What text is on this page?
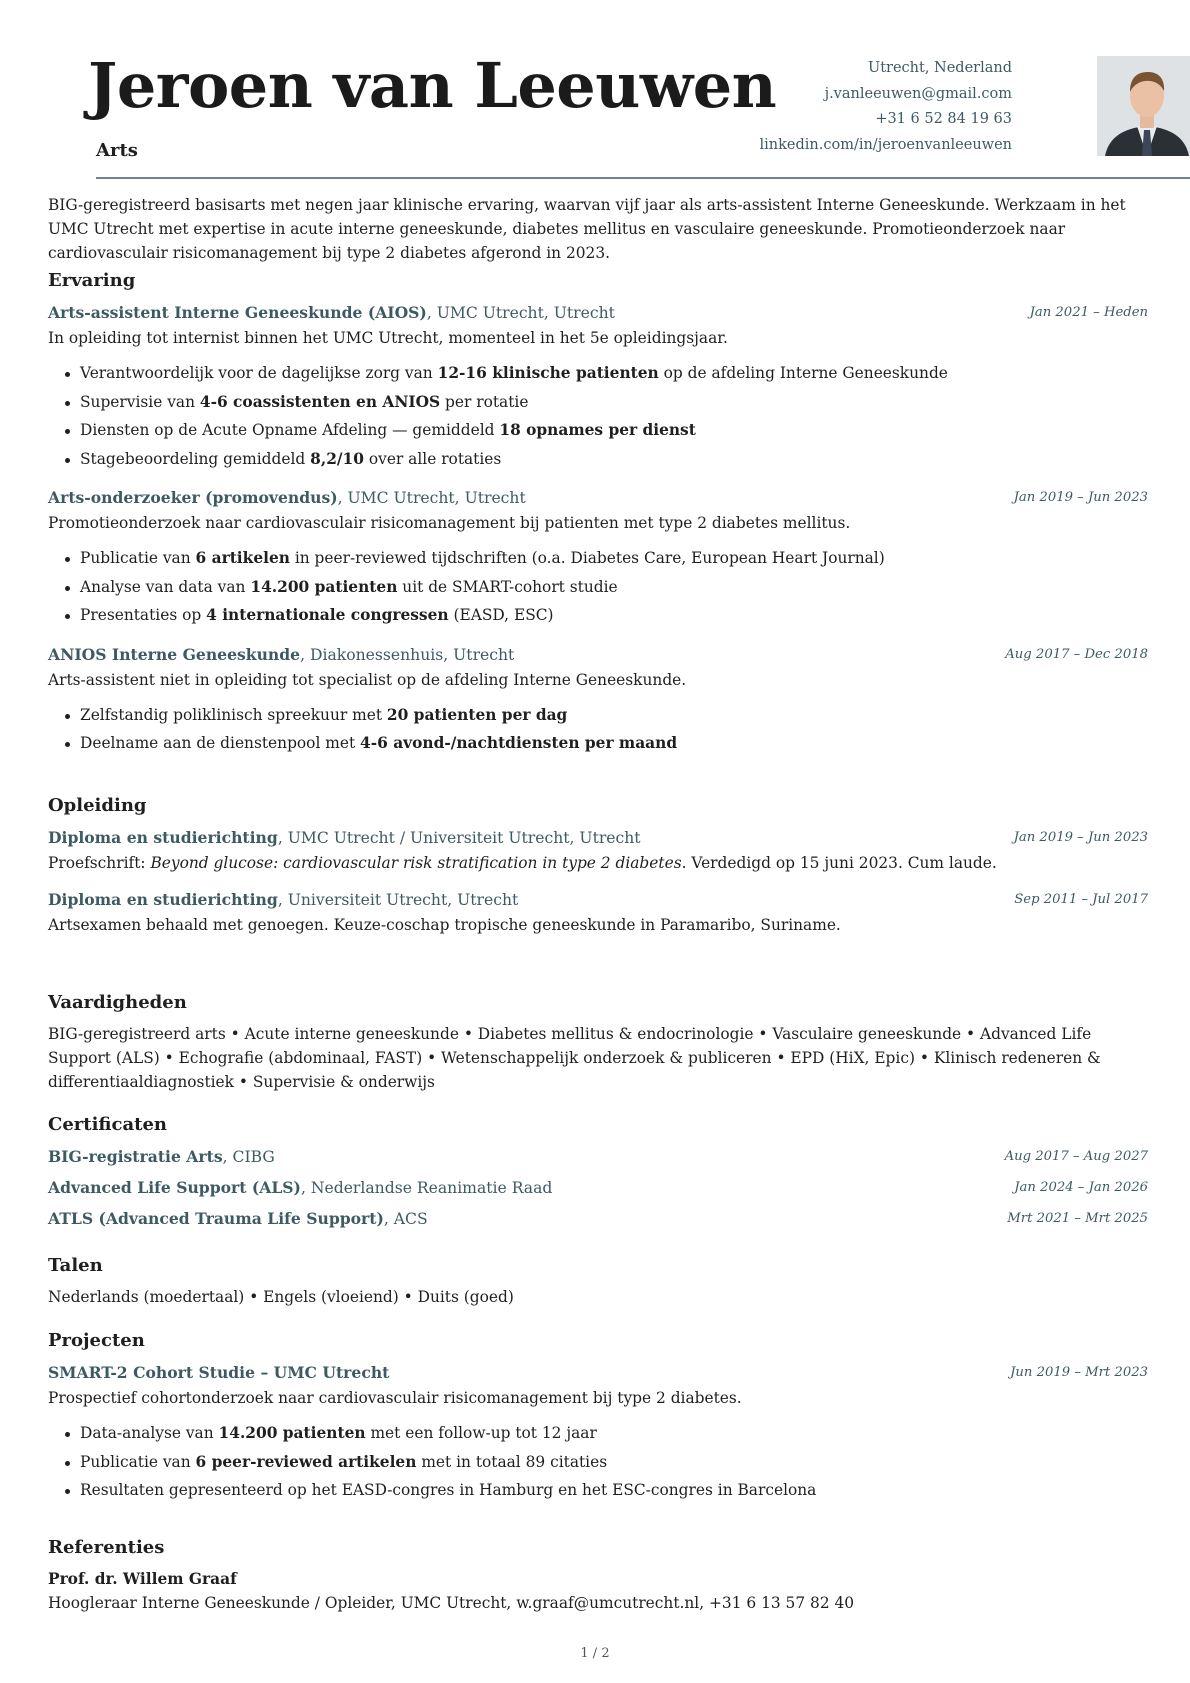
Jeroen van Leeuwen
Arts
Utrecht, Nederland
j.vanleeuwen@gmail.com
+31 6 52 84 19 63
linkedin.com/in/jeroenvanleeuwen
BIG-geregistreerd basisarts met negen jaar klinische ervaring, waarvan vijf jaar als arts-assistent Interne Geneeskunde. Werkzaam in het UMC Utrecht met expertise in acute interne geneeskunde, diabetes mellitus en vasculaire geneeskunde. Promotieonderzoek naar cardiovasculair risicomanagement bij type 2 diabetes afgerond in 2023.
Ervaring
Arts-assistent Interne Geneeskunde (AIOS), UMC Utrecht, Utrecht	Jan 2021 – Heden
In opleiding tot internist binnen het UMC Utrecht, momenteel in het 5e opleidingsjaar.
Verantwoordelijk voor de dagelijkse zorg van 12-16 klinische patienten op de afdeling Interne Geneeskunde
Supervisie van 4-6 coassistenten en ANIOS per rotatie
Diensten op de Acute Opname Afdeling — gemiddeld 18 opnames per dienst
Stagebeoordeling gemiddeld 8,2/10 over alle rotaties
Arts-onderzoeker (promovendus), UMC Utrecht, Utrecht	Jan 2019 – Jun 2023
Promotieonderzoek naar cardiovasculair risicomanagement bij patienten met type 2 diabetes mellitus.
Publicatie van 6 artikelen in peer-reviewed tijdschriften (o.a. Diabetes Care, European Heart Journal)
Analyse van data van 14.200 patienten uit de SMART-cohort studie
Presentaties op 4 internationale congressen (EASD, ESC)
ANIOS Interne Geneeskunde, Diakonessenhuis, Utrecht	Aug 2017 – Dec 2018
Arts-assistent niet in opleiding tot specialist op de afdeling Interne Geneeskunde.
Zelfstandig poliklinisch spreekuur met 20 patienten per dag
Deelname aan de dienstenpool met 4-6 avond-/nachtdiensten per maand
Opleiding
Diploma en studierichting, UMC Utrecht / Universiteit Utrecht, Utrecht	Jan 2019 – Jun 2023
Proefschrift: Beyond glucose: cardiovascular risk stratification in type 2 diabetes. Verdedigd op 15 juni 2023. Cum laude.
Diploma en studierichting, Universiteit Utrecht, Utrecht	Sep 2011 – Jul 2017
Artsexamen behaald met genoegen. Keuze-coschap tropische geneeskunde in Paramaribo, Suriname.
Vaardigheden
BIG-geregistreerd arts • Acute interne geneeskunde • Diabetes mellitus & endocrinologie • Vasculaire geneeskunde • Advanced Life Support (ALS) • Echografie (abdominaal, FAST) • Wetenschappelijk onderzoek & publiceren • EPD (HiX, Epic) • Klinisch redeneren & differentiaaldiagnostiek • Supervisie & onderwijs
Certificaten
BIG-registratie Arts, CIBG	Aug 2017 – Aug 2027
Advanced Life Support (ALS), Nederlandse Reanimatie Raad	Jan 2024 – Jan 2026
ATLS (Advanced Trauma Life Support), ACS	Mrt 2021 – Mrt 2025
Talen
Nederlands (moedertaal) • Engels (vloeiend) • Duits (goed)
Projecten
SMART-2 Cohort Studie – UMC Utrecht	Jun 2019 – Mrt 2023
Prospectief cohortonderzoek naar cardiovasculair risicomanagement bij type 2 diabetes.
Data-analyse van 14.200 patienten met een follow-up tot 12 jaar
Publicatie van 6 peer-reviewed artikelen met in totaal 89 citaties
Resultaten gepresenteerd op het EASD-congres in Hamburg en het ESC-congres in Barcelona
Referenties
Prof. dr. Willem Graaf
Hoogleraar Interne Geneeskunde / Opleider, UMC Utrecht, w.graaf@umcutrecht.nl, +31 6 13 57 82 40
1 / 2
